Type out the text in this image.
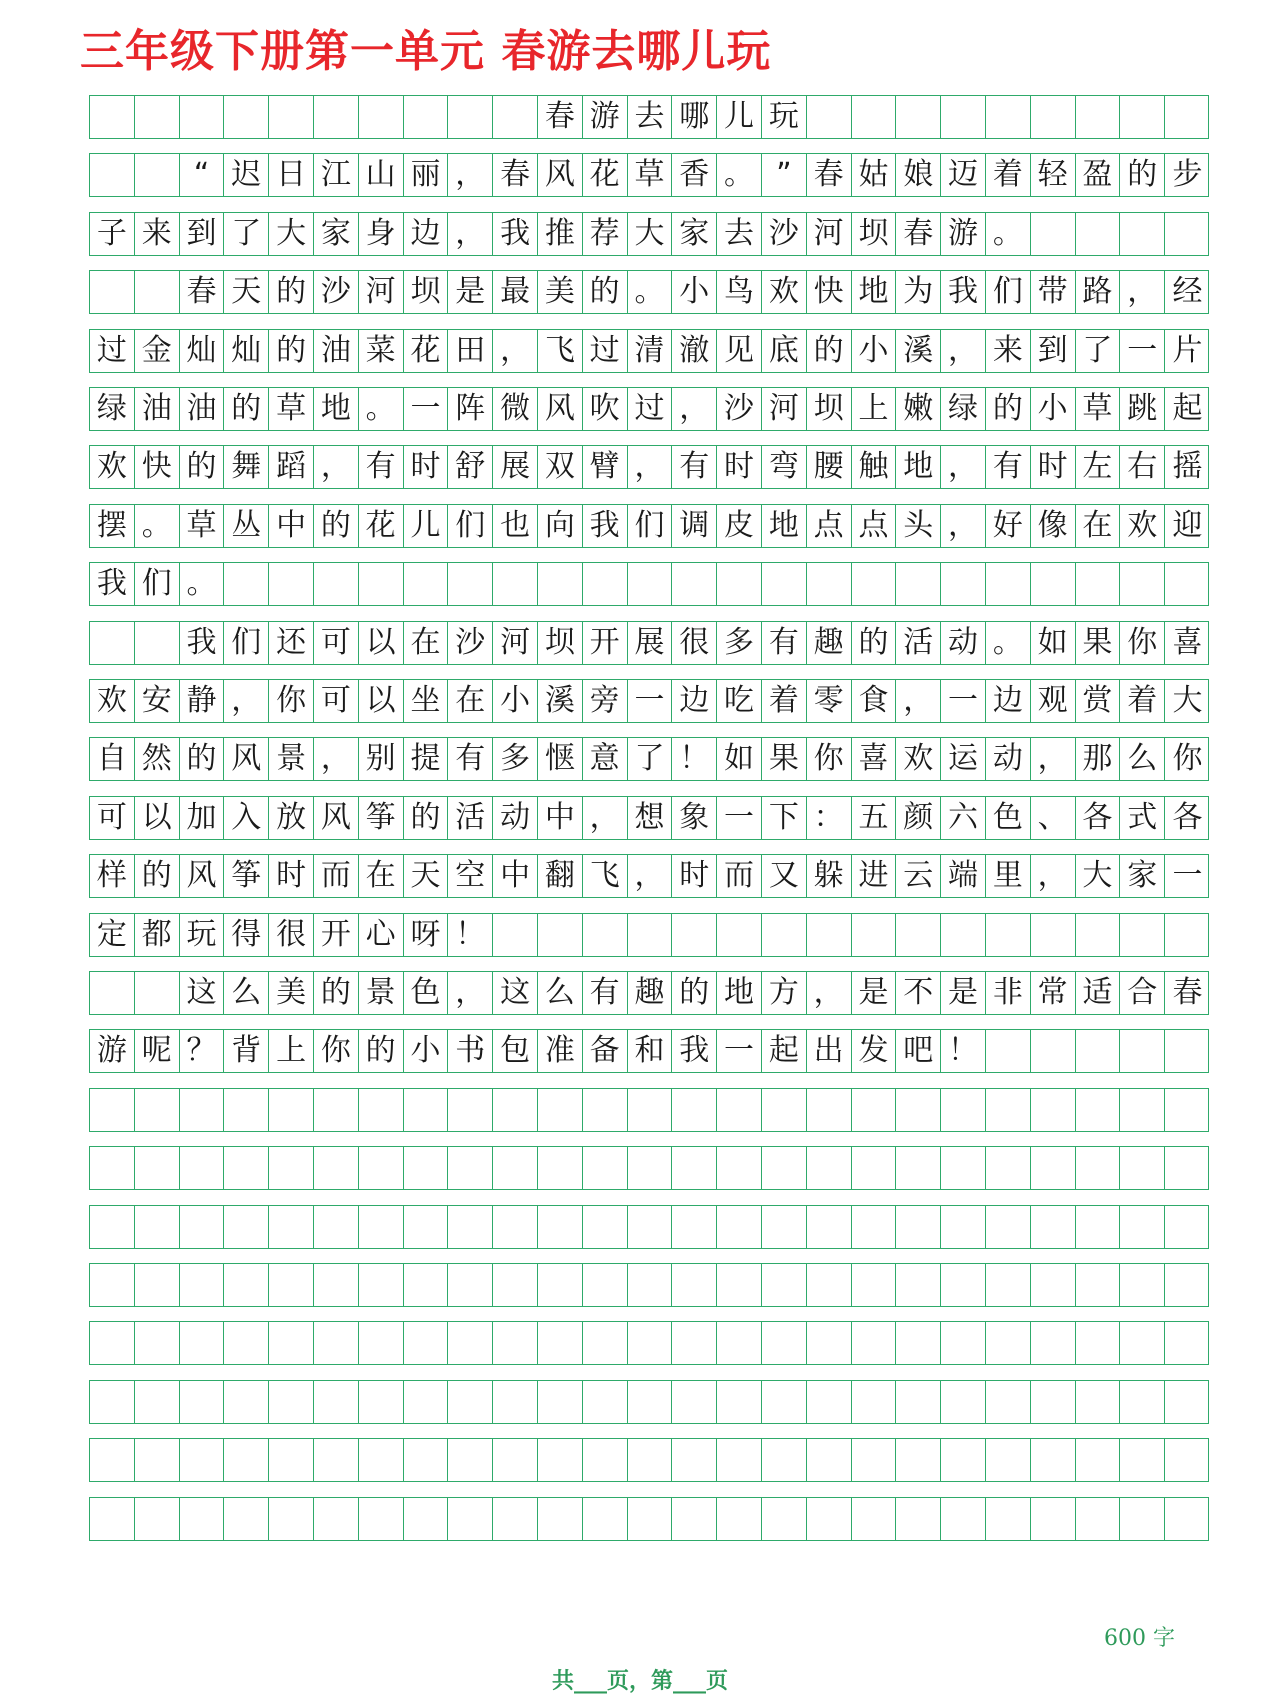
三年级下册第一单元 春游去哪儿玩
春 游 去 哪 儿 玩
“ 迟 日 江 山 丽 ， 春 风 花 草 香 。 ” 春 姑 娘 迈 着 轻 盈 的 步
子 来 到 了 大 家 身 边 ， 我 推 荐 大 家 去 沙 河 坝 春 游 。
春 天 的 沙 河 坝 是 最 美 的 。 小 鸟 欢 快 地 为 我 们 带 路 ， 经
过 金 灿 灿 的 油 菜 花 田 ， 飞 过 清 澈 见 底 的 小 溪 ， 来 到 了 一 片
绿 油 油 的 草 地 。 一 阵 微 风 吹 过 ， 沙 河 坝 上 嫩 绿 的 小 草 跳 起
欢 快 的 舞 蹈 ， 有 时 舒 展 双 臂 ， 有 时 弯 腰 触 地 ， 有 时 左 右 摇
摆 。 草 丛 中 的 花 儿 们 也 向 我 们 调 皮 地 点 点 头 ， 好 像 在 欢 迎
我 们 。
我 们 还 可 以 在 沙 河 坝 开 展 很 多 有 趣 的 活 动 。 如 果 你 喜
欢 安 静 ， 你 可 以 坐 在 小 溪 旁 一 边 吃 着 零 食 ， 一 边 观 赏 着 大
自 然 的 风 景 ， 别 提 有 多 惬 意 了 ！ 如 果 你 喜 欢 运 动 ， 那 么 你
可 以 加 入 放 风 筝 的 活 动 中 ， 想 象 一 下 ： 五 颜 六 色 、 各 式 各
样 的 风 筝 时 而 在 天 空 中 翻 飞 ， 时 而 又 躲 进 云 端 里 ， 大 家 一
定 都 玩 得 很 开 心 呀 ！
这 么 美 的 景 色 ， 这 么 有 趣 的 地 方 ， 是 不 是 非 常 适 合 春
游 呢 ？ 背 上 你 的 小 书 包 准 备 和 我 一 起 出 发 吧 ！
600 字
共___页，第___页
